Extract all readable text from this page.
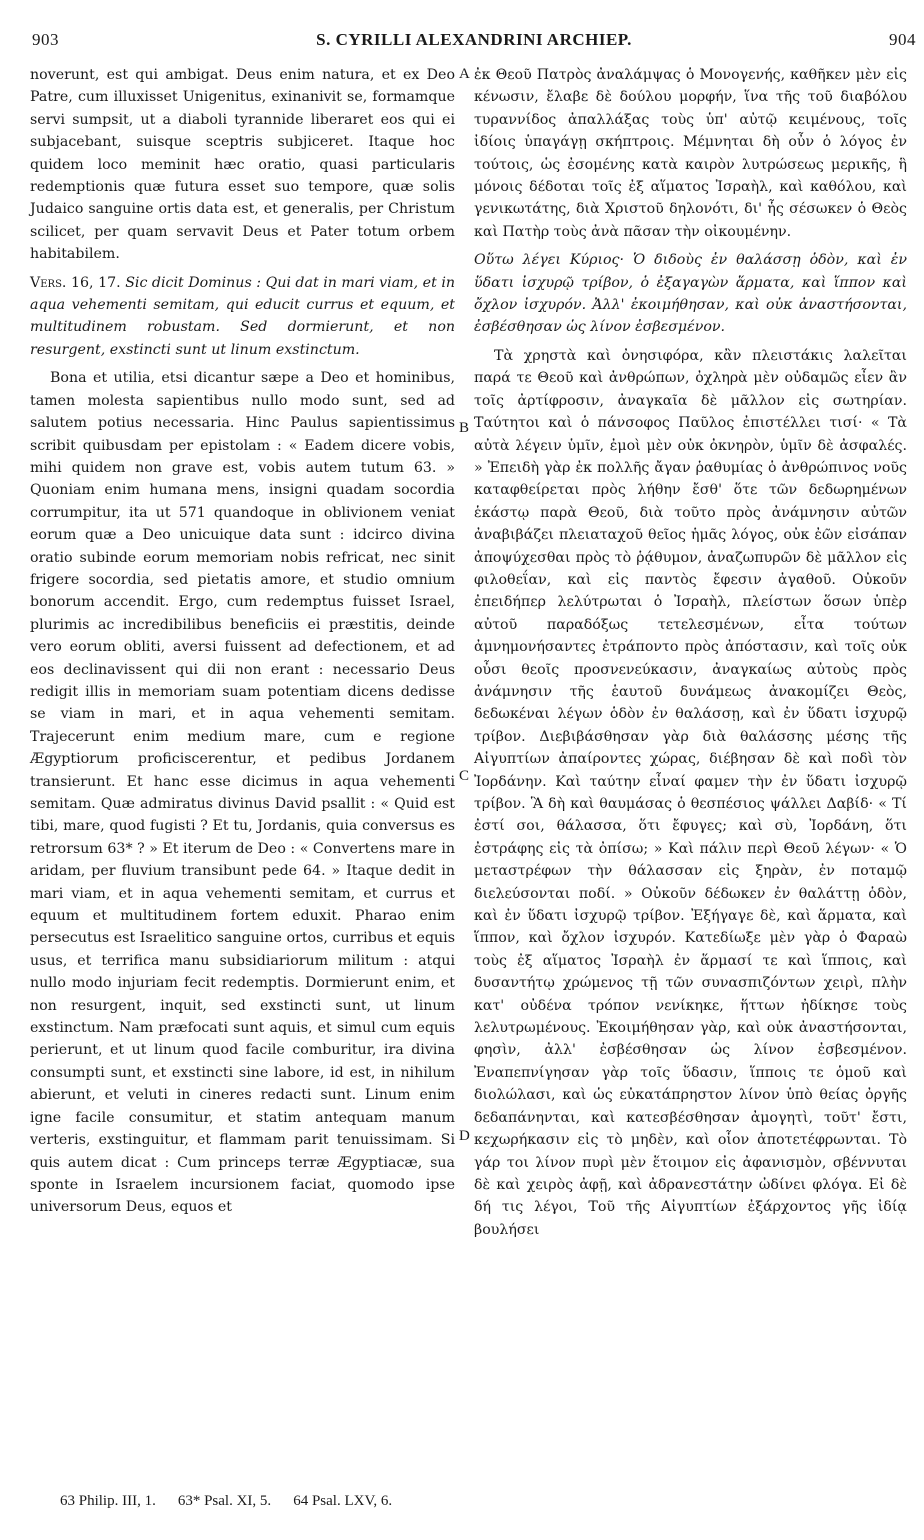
903	S. CYRILLI ALEXANDRINI ARCHIEP.	904

noverunt, est qui ambigat. Deus enim natura, et ex Deo Patre, cum illuxisset Unigenitus, exinanivit se, formamque servi sumpsit, ut a diaboli tyrannide liberaret eos qui ei subjacebant, suisque sceptris subjiceret. Itaque hoc quidem loco meminit hæc oratio, quasi particularis redemptionis quæ futura esset suo tempore, quæ solis Judaico sanguine ortis data est, et generalis, per Christum scilicet, per quam servavit Deus et Pater totum orbem habitabilem.

Vers. 16, 17. Sic dicit Dominus : Qui dat in mari viam, et in aqua vehementi semitam, qui educit currus et equum, et multitudinem robustam. Sed dormierunt, et non resurgent, exstincti sunt ut linum exstinctum.

Bona et utilia, etsi dicantur sæpe a Deo et hominibus, tamen molesta sapientibus nullo modo sunt, sed ad salutem potius necessaria. Hinc Paulus sapientissimus scribit quibusdam per epistolam : « Eadem dicere vobis, mihi quidem non grave est, vobis autem tutum 63. » Quoniam enim humana mens, insigni quadam socordia corrumpitur, ita ut 571 quandoque in oblivionem veniat eorum quæ a Deo unicuique data sunt : idcirco divina oratio subinde eorum memoriam nobis refricat, nec sinit frigere socordia, sed pietatis amore, et studio omnium bonorum accendit. Ergo, cum redemptus fuisset Israel, plurimis ac incredibilibus beneficiis ei præstitis, deinde vero eorum obliti, aversi fuissent ad defectionem, et ad eos declinavissent qui dii non erant : necessario Deus redigit illis in memoriam suam potentiam dicens dedisse se viam in mari, et in aqua vehementi semitam. Trajecerunt enim medium mare, cum e regione Ægyptiorum proficiscerentur, et pedibus Jordanem transierunt. Et hanc esse dicimus in aqua vehementi semitam. Quæ admiratus divinus David psallit : « Quid est tibi, mare, quod fugisti ? Et tu, Jordanis, quia conversus es retrorsum 63* ? » Et iterum de Deo : « Convertens mare in aridam, per fluvium transibunt pede 64. » Itaque dedit in mari viam, et in aqua vehementi semitam, et currus et equum et multitudinem fortem eduxit. Pharao enim persecutus est Israeliticо sanguine ortos, curribus et equis usus, et terrifica manu subsidiariorum militum : atqui nullo modo injuriam fecit redemptis. Dormierunt enim, et non resurgent, inquit, sed exstincti sunt, ut linum exstinctum. Nam præfocati sunt aquis, et simul cum equis perierunt, et ut linum quod facile comburitur, ira divina consumpti sunt, et exstincti sine labore, id est, in nihilum abierunt, et veluti in cineres redacti sunt. Linum enim igne facile consumitur, et statim antequam manum verteris, exstinguitur, et flammam parit tenuissimam. Si quis autem dicat : Cum princeps terræ Ægyptiacæ, sua sponte in Israelem incursionem faciat, quomodo ipse universorum Deus, equos et

ἐκ Θεοῦ Πατρὸς ἀναλάμψας ὁ Μονογενής, καθῆκεν μὲν εἰς κένωσιν, ἔλαβε δὲ δούλου μορφήν, ἵνα τῆς τοῦ διαβόλου τυραννίδος ἀπαλλάξας τοὺς ὑπ' αὐτῷ κειμένους, τοῖς ἰδίοις ὑπαγάγῃ σκήπτροις. Μέμνηται δὴ οὖν ὁ λόγος ἐν τούτοις, ὡς ἐσομένης κατὰ καιρὸν λυτρώσεως μερικῆς, ἣ μόνοις δέδοται τοῖς ἐξ αἵματος Ἰσραὴλ, καὶ καθόλου, καὶ γενικωτάτης, διὰ Χριστοῦ δηλονότι, δι' ἧς σέσωκεν ὁ Θεὸς καὶ Πατὴρ τοὺς ἀνὰ πᾶσαν τὴν οἰκουμένην.

Οὕτω λέγει Κύριος· Ὁ διδοὺς ἐν θαλάσσῃ ὁδὸν, καὶ ἐν ὕδατι ἰσχυρῷ τρίβον, ὁ ἐξαγαγὼν ἅρματα, καὶ ἵππον καὶ ὄχλον ἰσχυρόν. Ἀλλ' ἐκοιμήθησαν, καὶ οὐκ ἀναστήσονται, ἐσβέσθησαν ὡς λίνον ἐσβεσμένον.

Τὰ χρηστὰ καὶ ὀνησιφόρα, κἂν πλειστάκις λαλεῖται παρά τε Θεοῦ καὶ ἀνθρώπων, ὀχληρὰ μὲν οὐδαμῶς εἶεν ἂν τοῖς ἀρτίφροσιν, ἀναγκαῖα δὲ μᾶλλον εἰς σωτηρίαν. Ταύτητοι καὶ ὁ πάνσοφος Παῦλος ἐπιστέλλει τισί· « Τὰ αὐτὰ λέγειν ὑμῖν, ἐμοὶ μὲν οὐκ ὀκνηρὸν, ὑμῖν δὲ ἀσφαλές. » Ἐπειδὴ γὰρ ἐκ πολλῆς ἄγαν ῥαθυμίας ὁ ἀνθρώπινος νοῦς καταφθείρεται πρὸς λήθην ἔσθ' ὅτε τῶν δεδωρημένων ἑκάστῳ παρὰ Θεοῦ, διὰ τοῦτο πρὸς ἀνάμνησιν αὐτῶν ἀναβιβάζει πλειαταχοῦ θεῖος ἡμᾶς λόγος, οὐκ ἐῶν εἰσάπαν ἀποψύχεσθαι πρὸς τὸ ῥᾴθυμον, ἀναζωπυρῶν δὲ μᾶλλον εἰς φιλοθεΐαν, καὶ εἰς παντὸς ἔφεσιν ἀγαθοῦ. Οὐκοῦν ἐπειδήπερ λελύτρωται ὁ Ἰσραὴλ, πλείστων ὅσων ὑπὲρ αὐτοῦ παραδόξως τετελεσμένων, εἶτα τούτων ἀμνημονήσαντες ἐτράποντο πρὸς ἀπόστασιν, καὶ τοῖς οὐκ οὖσι θεοῖς προσνενεύκασιν, ἀναγκαίως αὐτοὺς πρὸς ἀνάμνησιν τῆς ἑαυτοῦ δυνάμεως ἀνακομίζει Θεὸς, δεδωκέναι λέγων ὁδὸν ἐν θαλάσσῃ, καὶ ἐν ὕδατι ἰσχυρῷ τρίβον. Διεβιβάσθησαν γὰρ διὰ θαλάσσης μέσης τῆς Αἰγυπτίων ἀπαίροντες χώρας, διέβησαν δὲ καὶ ποδὶ τὸν Ἰορδάνην. Καὶ ταύτην εἶναί φαμεν τὴν ἐν ὕδατι ἰσχυρῷ τρίβον. Ἃ δὴ καὶ θαυμάσας ὁ θεσπέσιος ψάλλει Δαβίδ· « Τί ἐστί σοι, θάλασσα, ὅτι ἔφυγες; καὶ σὺ, Ἰορδάνη, ὅτι ἐστράφης εἰς τὰ ὀπίσω; » Καὶ πάλιν περὶ Θεοῦ λέγων· « Ὁ μεταστρέφων τὴν θάλασσαν εἰς ξηρὰν, ἐν ποταμῷ διελεύσονται ποδί. » Οὐκοῦν δέδωκεν ἐν θαλάττῃ ὁδὸν, καὶ ἐν ὕδατι ἰσχυρῷ τρίβον. Ἐξήγαγε δὲ, καὶ ἅρματα, καὶ ἵππον, καὶ ὄχλον ἰσχυρόν. Κατεδίωξε μὲν γὰρ ὁ Φαραὼ τοὺς ἐξ αἵματος Ἰσραὴλ ἐν ἅρμασί τε καὶ ἵπποις, καὶ δυσαντήτῳ χρώμενος τῇ τῶν συνασπιζόντων χειρὶ, πλὴν κατ' οὐδένα τρόπον νενίκηκε, ἥττων ἠδίκησε τοὺς λελυτρωμένους. Ἐκοιμήθησαν γὰρ, καὶ οὐκ ἀναστήσονται, φησὶν, ἀλλ' ἐσβέσθησαν ὡς λίνον ἐσβεσμένον. Ἐναπεπνίγησαν γὰρ τοῖς ὕδασιν, ἵπποις τε ὁμοῦ καὶ διολώλασι, καὶ ὡς εὐκατάπρηστον λίνον ὑπὸ θείας ὀργῆς δεδαπάνηνται, καὶ κατεσβέσθησαν ἀμογητὶ, τοῦτ' ἔστι, κεχωρήκασιν εἰς τὸ μηδὲν, καὶ οἷον ἀποτετέφρωνται. Τὸ γάρ τοι λίνον πυρὶ μὲν ἕτοιμον εἰς ἀφανισμὸν, σβέννυται δὲ καὶ χειρὸς ἀφῇ, καὶ ἀδρανεστάτην ὠδίνει φλόγα. Εἰ δὲ δή τις λέγοι, Τοῦ τῆς Αἰγυπτίων ἐξάρχοντος γῆς ἰδίᾳ βουλήσει

A
B
C
D
63 Philip. III, 1. 63* Psal. XI, 5. 64 Psal. LXV, 6.
